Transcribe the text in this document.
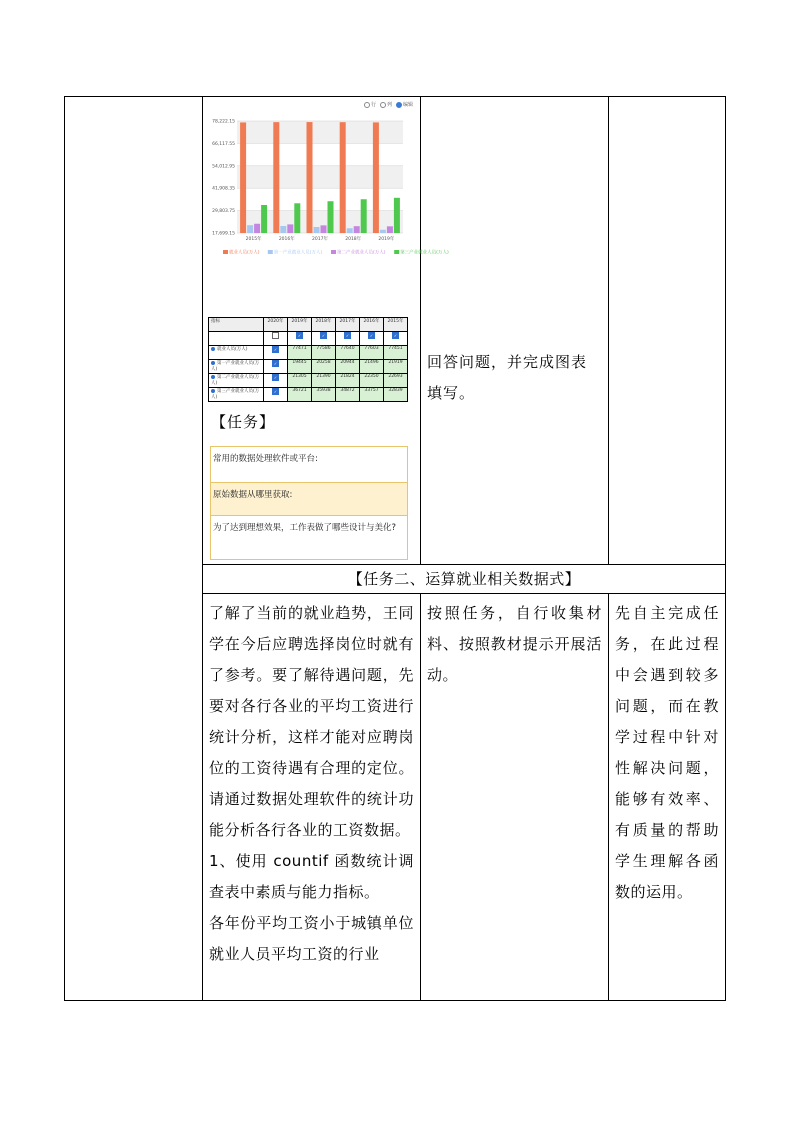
行	列	编辑
78,222.15
66,117.55
54,012.95
41,908.35
29,803.75
17,699.15
2015年	2016年	2017年	2018年	2019年
就业人员(万人)	第一产业就业人员(万人)	第二产业就业人员(万人)	第三产业就业人员(万人)
指标	2020年	2019年	2018年	2017年	2016年	2015年
		✓	✓	✓	✓	✓
就业人员(万人)	✓	77471	77586	77640	77603	77451
第一产业就业人员(万人)	✓	19445	20258	20944	21496	21919
第二产业就业人员(万人)	✓	21305	21390	21824	22350	22693
第三产业就业人员(万人)	✓	36721	35938	34872	33757	32839
【任务】
常用的数据处理软件或平台:
原始数据从哪里获取:
为了达到理想效果，工作表做了哪些设计与美化?

回答问题，并完成图表填写。

【任务二、运算就业相关数据式】

了解了当前的就业趋势，王同学在今后应聘选择岗位时就有了参考。要了解待遇问题，先要对各行各业的平均工资进行统计分析，这样才能对应聘岗位的工资待遇有合理的定位。请通过数据处理软件的统计功能分析各行各业的工资数据。

1、使用 countif 函数统计调查表中素质与能力指标。

各年份平均工资小于城镇单位就业人员平均工资的行业

按照任务，自行收集材料、按照教材提示开展活动。

先自主完成任务，在此过程中会遇到较多问题，而在教学过程中针对性解决问题，能够有效率、有质量的帮助学生理解各函数的运用。
